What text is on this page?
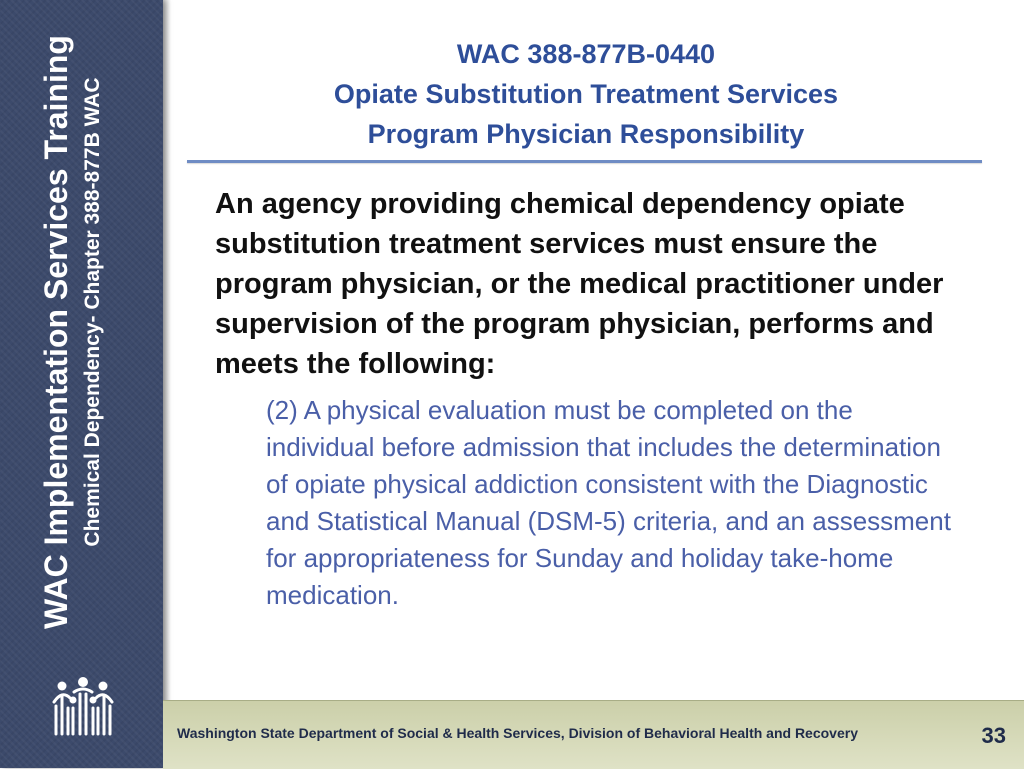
WAC Implementation Services Training Chemical Dependency- Chapter 388-877B WAC
WAC 388-877B-0440
Opiate Substitution Treatment Services
Program Physician Responsibility
An agency providing chemical dependency opiate substitution treatment services must ensure the program physician, or the medical practitioner under supervision of the program physician, performs and meets the following:
(2) A physical evaluation must be completed on the individual before admission that includes the determination of opiate physical addiction consistent with the Diagnostic and Statistical Manual (DSM-5) criteria, and an assessment for appropriateness for Sunday and holiday take-home medication.
Washington State Department of Social & Health Services, Division of Behavioral Health and Recovery	33
